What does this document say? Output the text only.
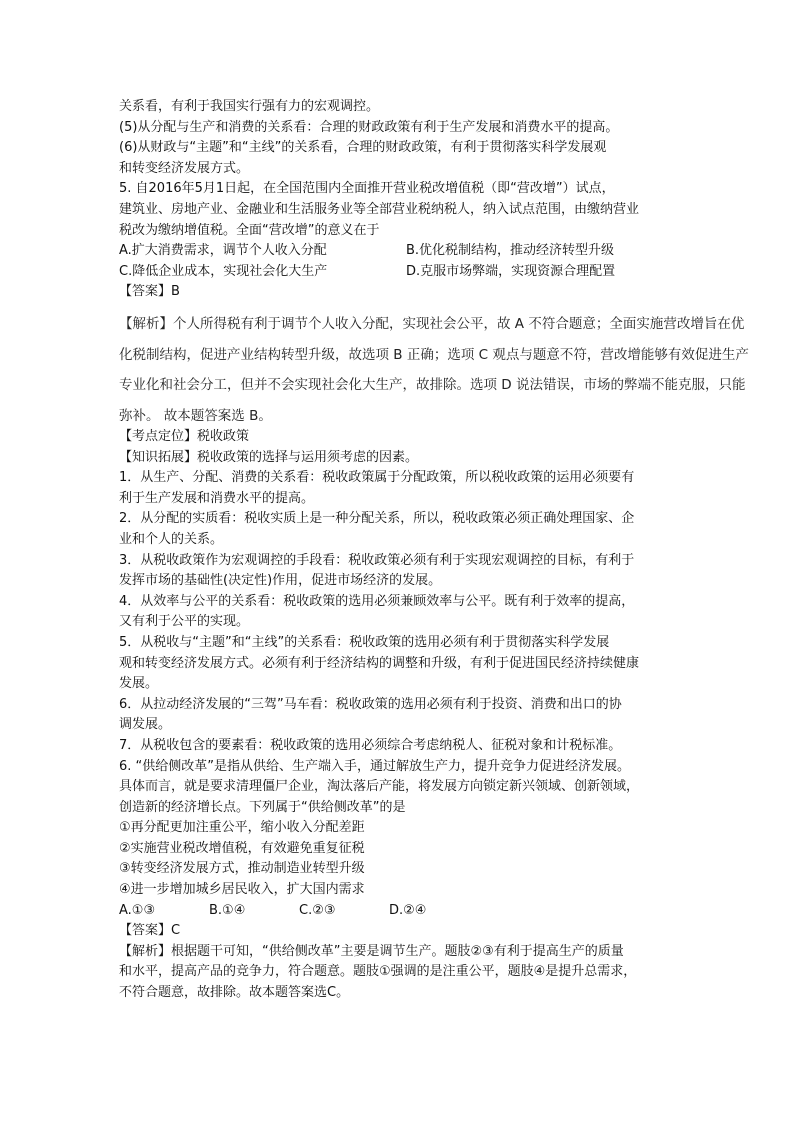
关系看，有利于我国实行强有力的宏观调控。

(5)从分配与生产和消费的关系看：合理的财政政策有利于生产发展和消费水平的提高。

(6)从财政与“主题”和“主线”的关系看，合理的财政政策，有利于贯彻落实科学发展观

和转变经济发展方式。

5. 自2016年5月1日起，在全国范围内全面推开营业税改增值税（即“营改增”）试点，

建筑业、房地产业、金融业和生活服务业等全部营业税纳税人，纳入试点范围，由缴纳营业

税改为缴纳增值税。全面“营改增”的意义在于

A.扩大消费需求，调节个人收入分配	B.优化税制结构，推动经济转型升级
C.降低企业成本，实现社会化大生产	D.克服市场弊端，实现资源合理配置

【答案】B

【解析】个人所得税有利于调节个人收入分配，实现社会公平，故 A 不符合题意；全面实施营改增旨在优
化税制结构，促进产业结构转型升级，故选项 B 正确；选项 C 观点与题意不符，营改增能够有效促进生产
专业化和社会分工，但并不会实现社会化大生产，故排除。选项 D 说法错误，市场的弊端不能克服，只能
弥补。 故本题答案选 B。

【考点定位】税收政策

【知识拓展】税收政策的选择与运用须考虑的因素。

1．从生产、分配、消费的关系看：税收政策属于分配政策，所以税收政策的运用必须要有

利于生产发展和消费水平的提高。

2．从分配的实质看：税收实质上是一种分配关系，所以，税收政策必须正确处理国家、企

业和个人的关系。

3．从税收政策作为宏观调控的手段看：税收政策必须有利于实现宏观调控的目标，有利于

发挥市场的基础性(决定性)作用，促进市场经济的发展。

4．从效率与公平的关系看：税收政策的选用必须兼顾效率与公平。既有利于效率的提高，

又有利于公平的实现。

5．从税收与“主题”和“主线”的关系看：税收政策的选用必须有利于贯彻落实科学发展

观和转变经济发展方式。必须有利于经济结构的调整和升级，有利于促进国民经济持续健康

发展。

6．从拉动经济发展的“三驾”马车看：税收政策的选用必须有利于投资、消费和出口的协

调发展。

7．从税收包含的要素看：税收政策的选用必须综合考虑纳税人、征税对象和计税标准。

6. “供给侧改革”是指从供给、生产端入手，通过解放生产力，提升竞争力促进经济发展。

具体而言，就是要求清理僵尸企业，淘汰落后产能，将发展方向锁定新兴领域、创新领域，

创造新的经济增长点。下列属于“供给侧改革”的是

①再分配更加注重公平，缩小收入分配差距

②实施营业税改增值税，有效避免重复征税

③转变经济发展方式，推动制造业转型升级

④进一步增加城乡居民收入，扩大国内需求

A.①③	B.①④	C.②③	D.②④

【答案】C

【解析】根据题干可知，“供给侧改革”主要是调节生产。题肢②③有利于提高生产的质量

和水平，提高产品的竞争力，符合题意。题肢①强调的是注重公平，题肢④是提升总需求，

不符合题意，故排除。故本题答案选C。
